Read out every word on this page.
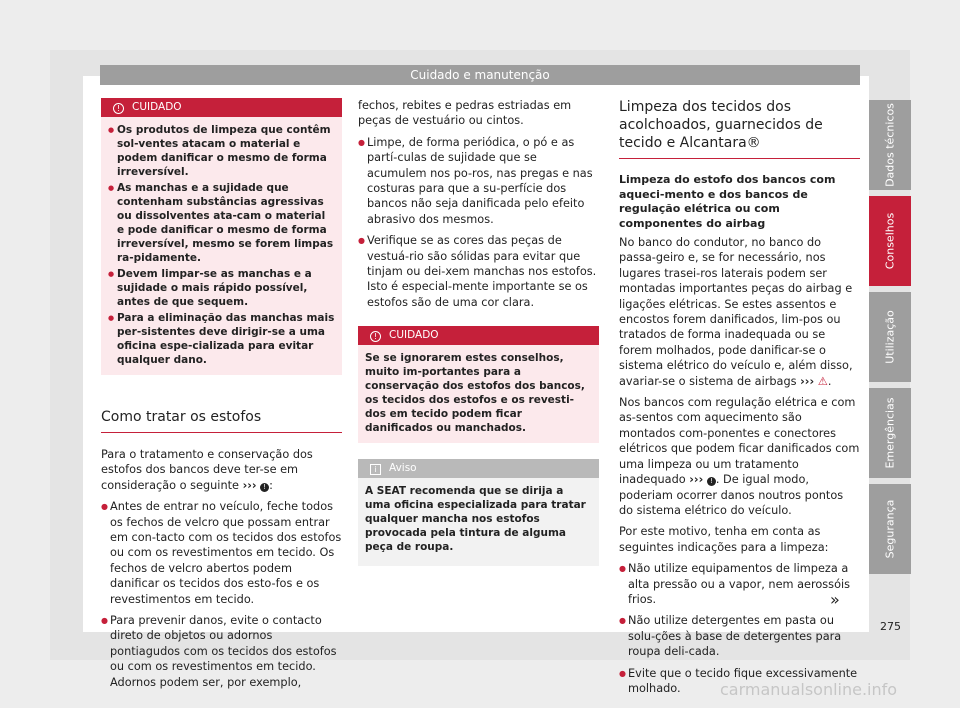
Cuidado e manutenção
! CUIDADO

● Os produtos de limpeza que contêm sol-ventes atacam o material e podem danificar o mesmo de forma irreversível.

● As manchas e a sujidade que contenham substâncias agressivas ou dissolventes ata-cam o material e pode danificar o mesmo de forma irreversível, mesmo se forem limpas ra-pidamente.

● Devem limpar-se as manchas e a sujidade o mais rápido possível, antes de que sequem.

● Para a eliminação das manchas mais per-sistentes deve dirigir-se a uma oficina espe-cializada para evitar qualquer dano.

Como tratar os estofos

Para o tratamento e conservação dos estofos dos bancos deve ter-se em consideração o seguinte ››› ! :

● Antes de entrar no veículo, feche todos os fechos de velcro que possam entrar em con-tacto com os tecidos dos estofos ou com os revestimentos em tecido. Os fechos de velcro abertos podem danificar os tecidos dos esto-fos e os revestimentos em tecido.

● Para prevenir danos, evite o contacto direto de objetos ou adornos pontiagudos com os tecidos dos estofos ou com os revestimentos em tecido. Adornos podem ser, por exemplo,

fechos, rebites e pedras estriadas em peças de vestuário ou cintos.

● Limpe, de forma periódica, o pó e as partí-culas de sujidade que se acumulem nos po-ros, nas pregas e nas costuras para que a su-perfície dos bancos não seja danificada pelo efeito abrasivo dos mesmos.

● Verifique se as cores das peças de vestuá-rio são sólidas para evitar que tinjam ou dei-xem manchas nos estofos. Isto é especial-mente importante se os estofos são de uma cor clara.

! CUIDADO

Se se ignorarem estes conselhos, muito im-portantes para a conservação dos estofos dos bancos, os tecidos dos estofos e os revesti-dos em tecido podem ficar danificados ou manchados.

i Aviso

A SEAT recomenda que se dirija a uma oficina especializada para tratar qualquer mancha nos estofos provocada pela tintura de alguma peça de roupa.

Limpeza dos tecidos dos acolchoados, guarnecidos de tecido e Alcantara®

Limpeza do estofo dos bancos com aqueci-mento e dos bancos de regulação elétrica ou com componentes do airbag

No banco do condutor, no banco do passa-geiro e, se for necessário, nos lugares trasei-ros laterais podem ser montadas importantes peças do airbag e ligações elétricas. Se estes assentos e encostos forem danificados, lim-pos ou tratados de forma inadequada ou se forem molhados, pode danificar-se o sistema elétrico do veículo e, além disso, avariar-se o sistema de airbags ››› ⚠.

Nos bancos com regulação elétrica e com as-sentos com aquecimento são montados com-ponentes e conectores elétricos que podem ficar danificados com uma limpeza ou um tratamento inadequado ››› ! . De igual modo, poderiam ocorrer danos noutros pontos do sistema elétrico do veículo.

Por este motivo, tenha em conta as seguintes indicações para a limpeza:

● Não utilize equipamentos de limpeza a alta pressão ou a vapor, nem aerossóis frios.

● Não utilize detergentes em pasta ou solu-ções à base de detergentes para roupa deli-cada.

● Evite que o tecido fique excessivamente molhado.

Dados técnicos
Conselhos
Utilização
Emergências
Segurança
»
275
carmanualsonline.info
